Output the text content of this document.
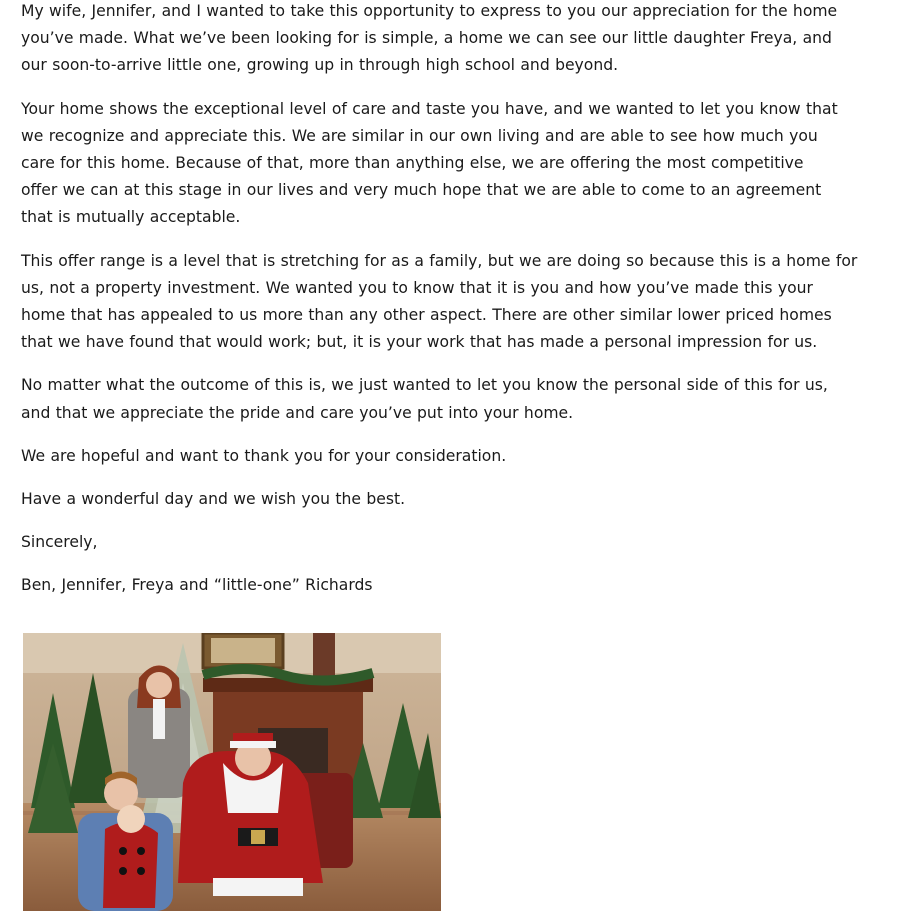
My wife, Jennifer, and I wanted to take this opportunity to express to you our appreciation for the home
you’ve made. What we’ve been looking for is simple, a home we can see our little daughter Freya, and
our soon-to-arrive little one, growing up in through high school and beyond.

Your home shows the exceptional level of care and taste you have, and we wanted to let you know that
we recognize and appreciate this. We are similar in our own living and are able to see how much you
care for this home. Because of that, more than anything else, we are offering the most competitive
offer we can at this stage in our lives and very much hope that we are able to come to an agreement
that is mutually acceptable.

This offer range is a level that is stretching for as a family, but we are doing so because this is a home for
us, not a property investment. We wanted you to know that it is you and how you’ve made this your
home that has appealed to us more than any other aspect. There are other similar lower priced homes
that we have found that would work; but, it is your work that has made a personal impression for us.

No matter what the outcome of this is, we just wanted to let you know the personal side of this for us,
and that we appreciate the pride and care you’ve put into your home.

We are hopeful and want to thank you for your consideration.

Have a wonderful day and we wish you the best.

Sincerely,

Ben, Jennifer, Freya and “little-one” Richards
